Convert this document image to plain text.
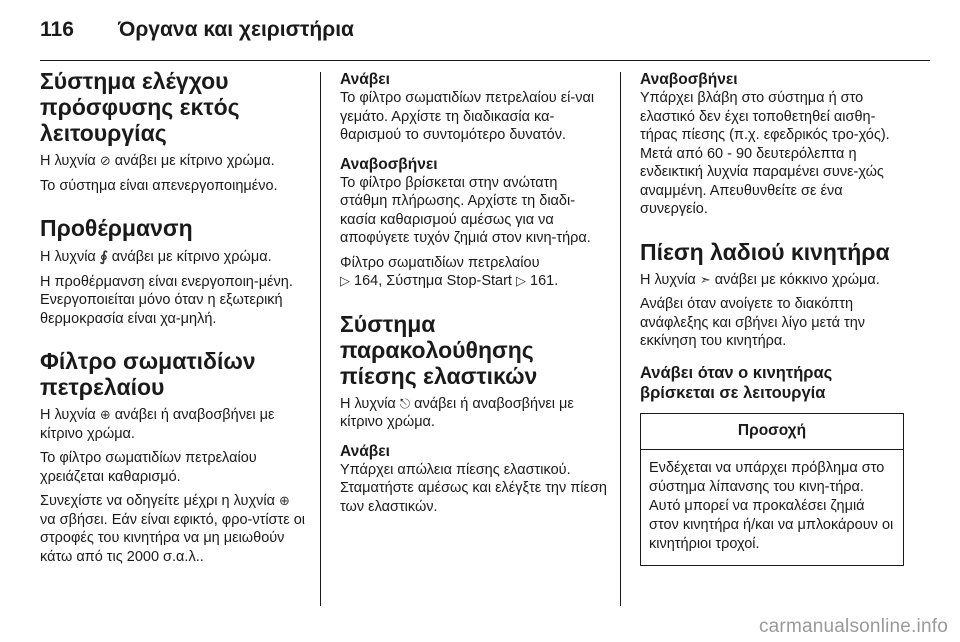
116 Όργανα και χειριστήρια
Σύστημα ελέγχου πρόσφυσης εκτός λειτουργίας

Η λυχνία ⊘ ανάβει με κίτρινο χρώμα.

Το σύστημα είναι απενεργοποιημένο.

Προθέρμανση

Η λυχνία ∮ ανάβει με κίτρινο χρώμα.

Η προθέρμανση είναι ενεργοποιη-μένη. Ενεργοποιείται μόνο όταν η εξωτερική θερμοκρασία είναι χα-μηλή.

Φίλτρο σωματιδίων πετρελαίου

Η λυχνία ⊕ ανάβει ή αναβοσβήνει με κίτρινο χρώμα.

Το φίλτρο σωματιδίων πετρελαίου χρειάζεται καθαρισμό.

Συνεχίστε να οδηγείτε μέχρι η λυχνία ⊕ να σβήσει. Εάν είναι εφικτό, φρο-ντίστε οι στροφές του κινητήρα να μη μειωθούν κάτω από τις 2000 σ.α.λ..

Ανάβει

Το φίλτρο σωματιδίων πετρελαίου εί-ναι γεμάτο. Αρχίστε τη διαδικασία κα-θαρισμού το συντομότερο δυνατόν.

Αναβοσβήνει

Το φίλτρο βρίσκεται στην ανώτατη στάθμη πλήρωσης. Αρχίστε τη διαδι-κασία καθαρισμού αμέσως για να αποφύγετε τυχόν ζημιά στον κινη-τήρα.

Φίλτρο σωματιδίων πετρελαίου
▷ 164, Σύστημα Stop-Start ▷ 161.

Σύστημα παρακολούθησης πίεσης ελαστικών

Η λυχνία ⎋ ανάβει ή αναβοσβήνει με κίτρινο χρώμα.

Ανάβει

Υπάρχει απώλεια πίεσης ελαστικού. Σταματήστε αμέσως και ελέγξτε την πίεση των ελαστικών.

Αναβοσβήνει

Υπάρχει βλάβη στο σύστημα ή στο ελαστικό δεν έχει τοποθετηθεί αισθη-τήρας πίεσης (π.χ. εφεδρικός τρο-χός). Μετά από 60 - 90 δευτερόλεπτα η ενδεικτική λυχνία παραμένει συνε-χώς αναμμένη. Απευθυνθείτε σε ένα συνεργείο.

Πίεση λαδιού κινητήρα

Η λυχνία ➣ ανάβει με κόκκινο χρώμα.

Ανάβει όταν ανοίγετε το διακόπτη ανάφλεξης και σβήνει λίγο μετά την εκκίνηση του κινητήρα.

Ανάβει όταν ο κινητήρας βρίσκεται σε λειτουργία
Προσοχή
Ενδέχεται να υπάρχει πρόβλημα στο σύστημα λίπανσης του κινη-τήρα. Αυτό μπορεί να προκαλέσει ζημιά στον κινητήρα ή/και να μπλοκάρουν οι κινητήριοι τροχοί.
carmanualsonline.info
